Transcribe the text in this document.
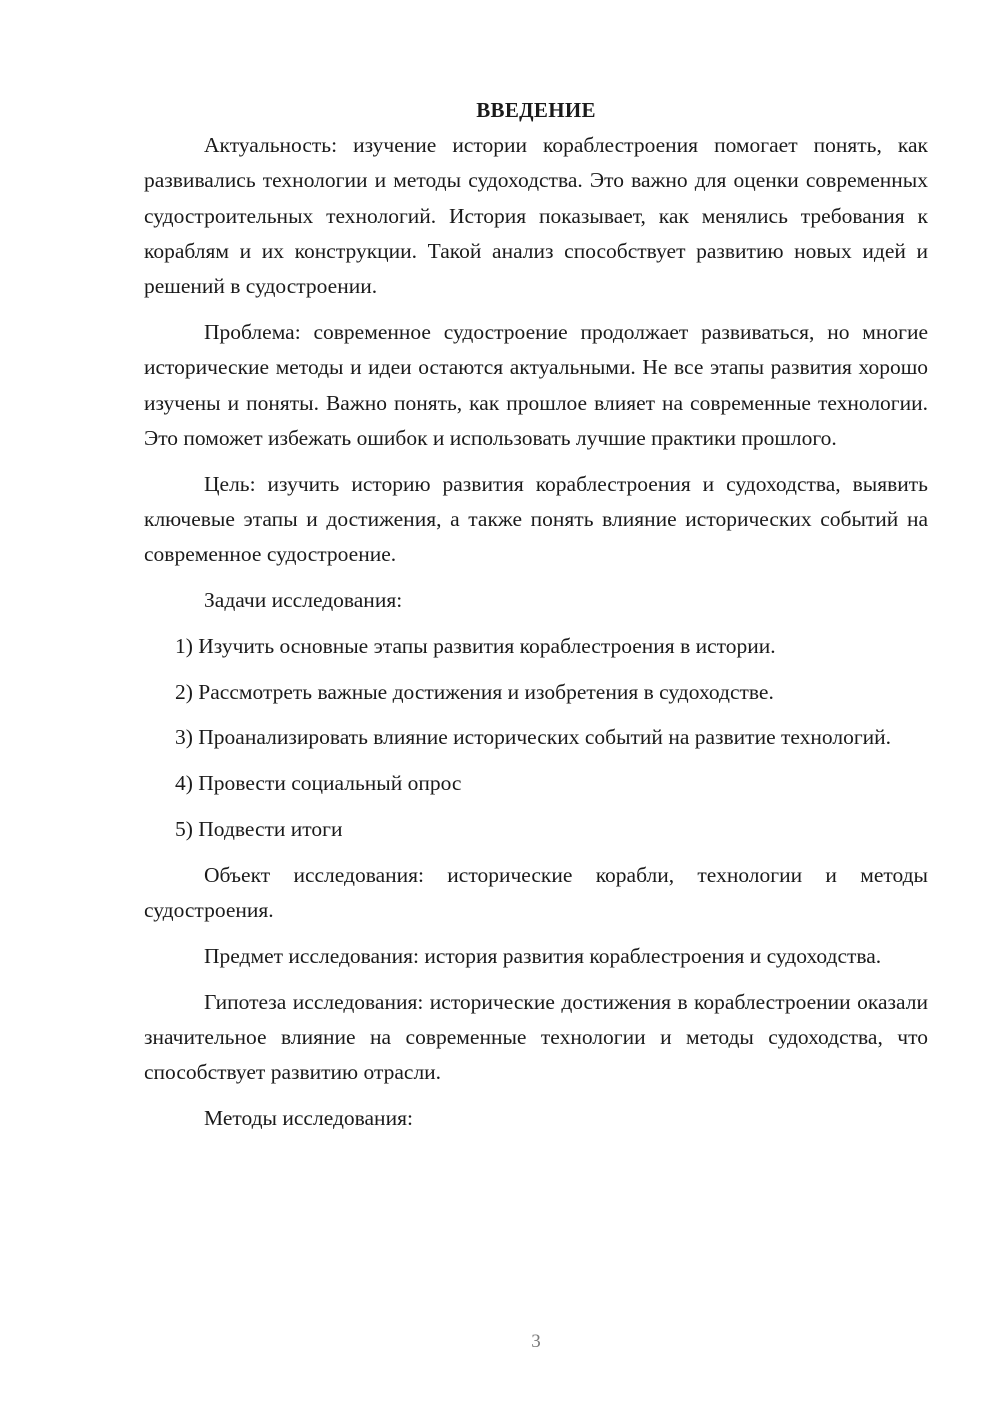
ВВЕДЕНИЕ

Актуальность: изучение истории кораблестроения помогает понять, как развивались технологии и методы судоходства. Это важно для оценки современных судостроительных технологий. История показывает, как менялись требования к кораблям и их конструкции. Такой анализ способствует развитию новых идей и решений в судостроении.

Проблема: современное судостроение продолжает развиваться, но многие исторические методы и идеи остаются актуальными. Не все этапы развития хорошо изучены и поняты. Важно понять, как прошлое влияет на современные технологии. Это поможет избежать ошибок и использовать лучшие практики прошлого.

Цель: изучить историю развития кораблестроения и судоходства, выявить ключевые этапы и достижения, а также понять влияние исторических событий на современное судостроение.

Задачи исследования:

1) Изучить основные этапы развития кораблестроения в истории.

2) Рассмотреть важные достижения и изобретения в судоходстве.

3) Проанализировать влияние исторических событий на развитие технологий.

4) Провести социальный опрос

5) Подвести итоги

Объект исследования: исторические корабли, технологии и методы судостроения.

Предмет исследования: история развития кораблестроения и судоходства.

Гипотеза исследования: исторические достижения в кораблестроении оказали значительное влияние на современные технологии и методы судоходства, что способствует развитию отрасли.

Методы исследования:

3
